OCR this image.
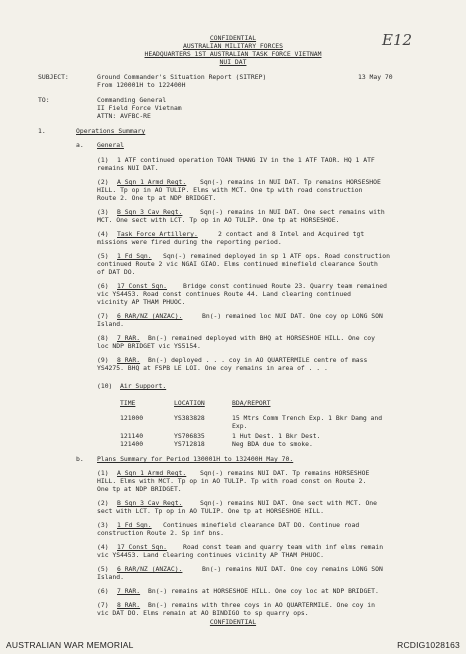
E12
CONFIDENTIAL
AUSTRALIAN MILITARY FORCES
HEADQUARTERS 1ST AUSTRALIAN TASK FORCE VIETNAM
NUI DAT
SUBJECT:	Ground Commander's Situation Report (SITREP)
From 120001H to 122400H
13 May 70
TO:	Commanding General
II Field Force Vietnam
ATTN: AVFBC-RE
1.	Operations Summary
a. General
(1) 1 ATF continued operation TOAN THANG IV in the 1 ATF TAOR. HQ 1 ATF
remains NUI DAT.
(2) A Sqn 1 Armd Regt. Sqn(-) remains in NUI DAT. Tp remains HORSESHOE
HILL. Tp op in AO TULIP. Elms with MCT. One tp with road construction
Route 2. One tp at NDP BRIDGET.
(3) B Sqn 3 Cav Regt.	Sqn(-) remains in NUI DAT. One sect remains with
MCT. One sect with LCT. Tp op in AO TULIP. One tp at HORSESHOE.
(4) Task Force Artillery.	2 contact and 8 Intel and Acquired tgt
missions were fired during the reporting period.
(5) 1 Fd Sqn. Sqn(-) remained deployed in sp 1 ATF ops. Road construction
continued Route 2 vic NGAI GIAO. Elms continued minefield clearance South
of DAT DO.
(6) 17 Const Sqn. Bridge const continued Route 23. Quarry team remained
vic YS4453. Road const continues Route 44. Land clearing continued
vicinity AP THAM PHUOC.
(7) 6 RAR/NZ (ANZAC).	Bn(-) remained loc NUI DAT. One coy op LONG SON
Island.
(8) 7 RAR. Bn(-) remained deployed with BHQ at HORSESHOE HILL. One coy
loc NDP BRIDGET vic YS5154.
(9) 8 RAR. Bn(-) deployed . . . coy in AO QUARTERMILE centre of mass
YS4275. BHQ at FSPB LE LOI. One coy remains in area of . . .
(10) Air Support.
TIME	LOCATION	BDA/REPORT
121000	YS383828	15 Mtrs Comm Trench Exp. 1 Bkr Damg and
Exp.
121140	YS706835	1 Hut Dest. 1 Bkr Dest.
121400	YS712818	Neg BDA due to smoke.
b. Plans Summary for Period 130001H to 132400H May 70.
(1) A Sqn 1 Armd Regt. Sqn(-) remains NUI DAT. Tp remains HORSESHOE
HILL. Elms with MCT. Tp op in AO TULIP. Tp with road const on Route 2.
One tp at NDP BRIDGET.
(2) B Sqn 3 Cav Regt.	Sqn(-) remains NUI DAT. One sect with MCT. One
sect with LCT. Tp op in AO TULIP. One tp at HORSESHOE HILL.
(3) 1 Fd Sqn. Continues minefield clearance DAT DO. Continue road
construction Route 2. Sp inf bns.
(4) 17 Const Sqn. Road const team and quarry team with inf elms remain
vic YS4453. Land clearing continues vicinity AP THAM PHUOC.
(5) 6 RAR/NZ (ANZAC).	Bn(-) remains NUI DAT. One coy remains LONG SON
Island.
(6) 7 RAR. Bn(-) remains at HORSESHOE HILL. One coy loc at NDP BRIDGET.
(7) 8 RAR. Bn(-) remains with three coys in AO QUARTERMILE. One coy in
vic DAT DO. Elms remain at AO BINDIGO to sp quarry ops.
CONFIDENTIAL
AUSTRALIAN WAR MEMORIAL	RCDIG1028163
